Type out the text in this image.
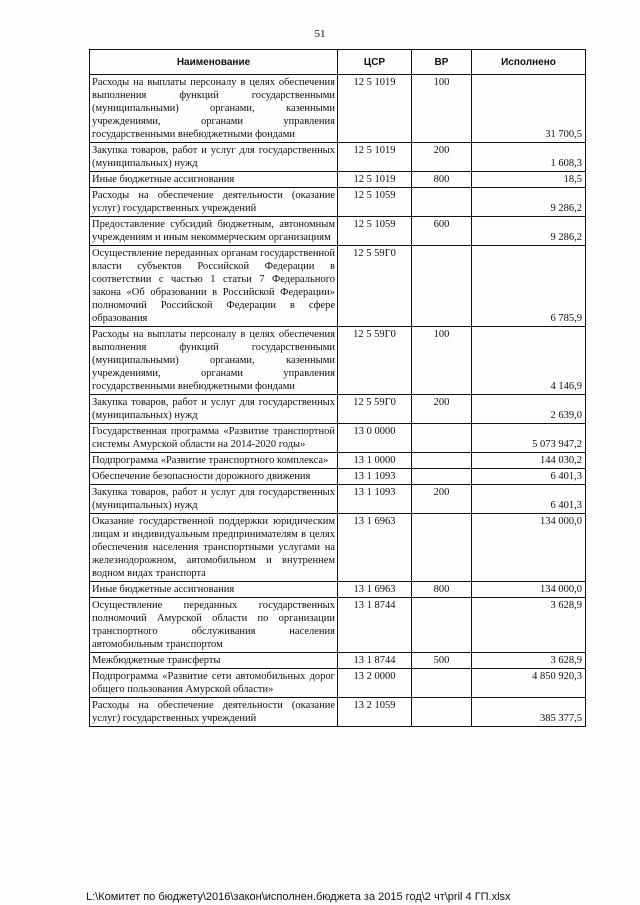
51
Наименование	ЦСР	ВР	Исполнено
Расходы на выплаты персоналу в целях обеспечения выполнения функций государственными (муниципальными) органами, казенными учреждениями, органами управления государственными внебюджетными фондами	12 5 1019	100	31 700,5
Закупка товаров, работ и услуг для государственных (муниципальных) нужд	12 5 1019	200	1 608,3
Иные бюджетные ассигнования	12 5 1019	800	18,5
Расходы на обеспечение деятельности (оказание услуг) государственных учреждений	12 5 1059		9 286,2
Предоставление субсидий бюджетным, автономным учреждениям и иным некоммерческим организациям	12 5 1059	600	9 286,2
Осуществление переданных органам государственной власти субъектов Российской Федерации в соответствии с частью 1 статьи 7 Федерального закона «Об образовании в Российской Федерации» полномочий Российской Федерации в сфере образования	12 5 59Г0		6 785,9
Расходы на выплаты персоналу в целях обеспечения выполнения функций государственными (муниципальными) органами, казенными учреждениями, органами управления государственными внебюджетными фондами	12 5 59Г0	100	4 146,9
Закупка товаров, работ и услуг для государственных (муниципальных) нужд	12 5 59Г0	200	2 639,0
Государственная программа «Развитие транспортной системы Амурской области на 2014-2020 годы»	13 0 0000		5 073 947,2
Подпрограмма «Развитие транспортного комплекса»	13 1 0000		144 030,2
Обеспечение безопасности дорожного движения	13 1 1093		6 401,3
Закупка товаров, работ и услуг для государственных (муниципальных) нужд	13 1 1093	200	6 401,3
Оказание государственной поддержки юридическим лицам и индивидуальным предпринимателям в целях обеспечения населения транспортными услугами на железнодорожном, автомобильном и внутреннем водном видах транспорта	13 1 6963		134 000,0
Иные бюджетные ассигнования	13 1 6963	800	134 000,0
Осуществление переданных государственных полномочий Амурской области по организации транспортного обслуживания населения автомобильным транспортом	13 1 8744		3 628,9
Межбюджетные трансферты	13 1 8744	500	3 628,9
Подпрограмма «Развитие сети автомобильных дорог общего пользования Амурской области»	13 2 0000		4 850 920,3
Расходы на обеспечение деятельности (оказание услуг) государственных учреждений	13 2 1059		385 377,5
L:\Комитет по бюджету\2016\закон\исполнен.бюджета за 2015 год\2 чт\pril 4 ГП.xlsx
